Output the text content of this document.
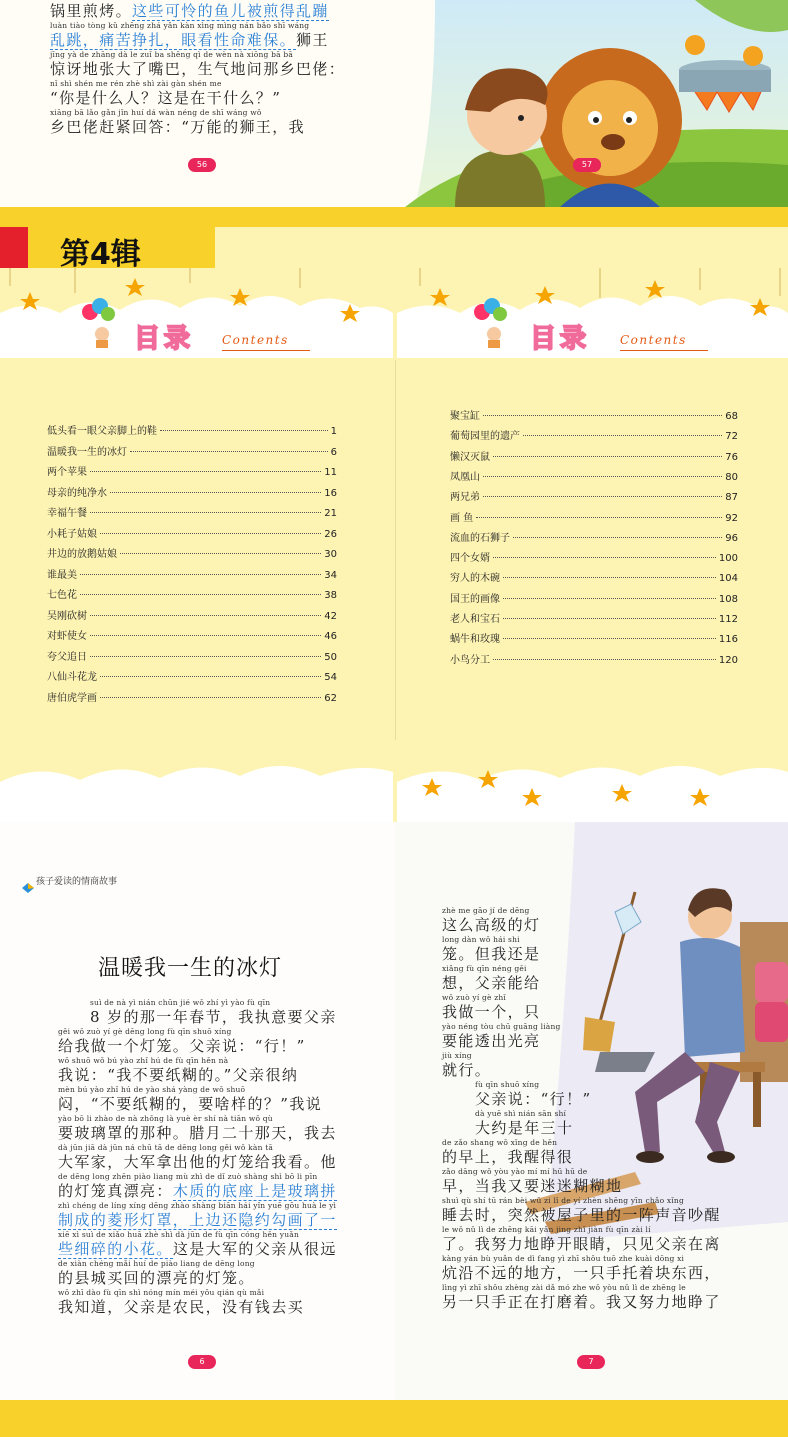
锅里煎烤。这些可怜的鱼儿被煎得乱蹦
luàn tiào tòng kǔ zhēng zhá yǎn kàn xìng mìng nán bǎo shī wáng
乱跳，痛苦挣扎，眼看性命难保。狮王
jīng yà de zhāng dà le zuǐ ba shēng qì de wèn nà xiōng bā bā
惊讶地张大了嘴巴，生气地问那乡巴佬：
nǐ shì shén me rén zhè shì zài gàn shén me
“你是什么人？这是在干什么？”
xiāng bā lǎo gǎn jǐn huí dá wàn néng de shī wáng wǒ
乡巴佬赶紧回答：“万能的狮王，我
56	57
第4辑
目录 Contents	目录 Contents
低头看一眼父亲脚上的鞋	1
温暖我一生的冰灯	6
两个苹果	11
母亲的纯净水	16
幸福午餐	21
小耗子姑娘	26
井边的放鹅姑娘	30
谁最美	34
七色花	38
吴刚砍树	42
对虾使女	46
夸父追日	50
八仙斗花龙	54
唐伯虎学画	62
聚宝缸	68
葡萄园里的遗产	72
懒汉灭鼠	76
凤凰山	80
两兄弟	87
画 鱼	92
流血的石狮子	96
四个女婿	100
穷人的木碗	104
国王的画像	108
老人和宝石	112
蜗牛和玫瑰	116
小鸟分工	120
孩子爱读的情商故事
温暖我一生的冰灯
suì de nà yì nián chūn jié wǒ zhí yì yào fù qīn
8 岁的那一年春节，我执意要父亲
gěi wǒ zuò yí gè dēng long fù qīn shuō xíng
给我做一个灯笼。父亲说：“行！”
wǒ shuō wǒ bú yào zhǐ hú de fù qīn hěn nà
我说：“我不要纸糊的。”父亲很纳
mèn bú yào zhǐ hú de yào shá yàng de wǒ shuō
闷，“不要纸糊的，要啥样的？”我说
yào bō li zhào de nà zhǒng là yuè èr shí nà tiān wǒ qù
要玻璃罩的那种。腊月二十那天，我去
dà jūn jiā dà jūn ná chū tā de dēng long gěi wǒ kàn tā
大军家，大军拿出他的灯笼给我看。他
de dēng long zhēn piào liang mù zhì de dǐ zuò shàng shì bō li pīn
的灯笼真漂亮：木质的底座上是玻璃拼
zhì chéng de líng xíng dēng zhào shàng biān hái yǐn yuē gōu huà le yì
制成的菱形灯罩，上边还隐约勾画了一
xiē xì suì de xiǎo huā zhè shì dà jūn de fù qīn cóng hěn yuǎn
些细碎的小花。这是大军的父亲从很远
de xiàn chéng mǎi huí de piào liang de dēng long
的县城买回的漂亮的灯笼。
wǒ zhī dào fù qīn shì nóng mín méi yǒu qián qù mǎi
我知道，父亲是农民，没有钱去买
6
zhè me gāo jí de dēng
这么高级的灯
long dàn wǒ hái shi
笼。但我还是
xiǎng fù qīn néng gěi
想，父亲能给
wǒ zuò yí gè zhǐ
我做一个，只
yào néng tòu chū guāng liàng
要能透出光亮
jiù xíng
就行。
fù qīn shuō xíng
父亲说：“行！”
dà yuē shì nián sān shí
大约是年三十
de zǎo shang wǒ xǐng de hěn
的早上，我醒得很
zǎo dāng wǒ yòu yào mí mí hū hū de
早，当我又要迷迷糊糊地
shuì qù shí tū rán bèi wū zi lǐ de yí zhèn shēng yīn chǎo xǐng
睡去时，突然被屋子里的一阵声音吵醒
le wǒ nǔ lì de zhēng kāi yǎn jing zhǐ jiàn fù qīn zài lí
了。我努力地睁开眼睛，只见父亲在离
kàng yán bù yuǎn de dì fang yì zhī shǒu tuō zhe kuài dōng xi
炕沿不远的地方，一只手托着块东西，
lìng yì zhī shǒu zhèng zài dǎ mó zhe wǒ yòu nǔ lì de zhēng le
另一只手正在打磨着。我又努力地睁了
7
